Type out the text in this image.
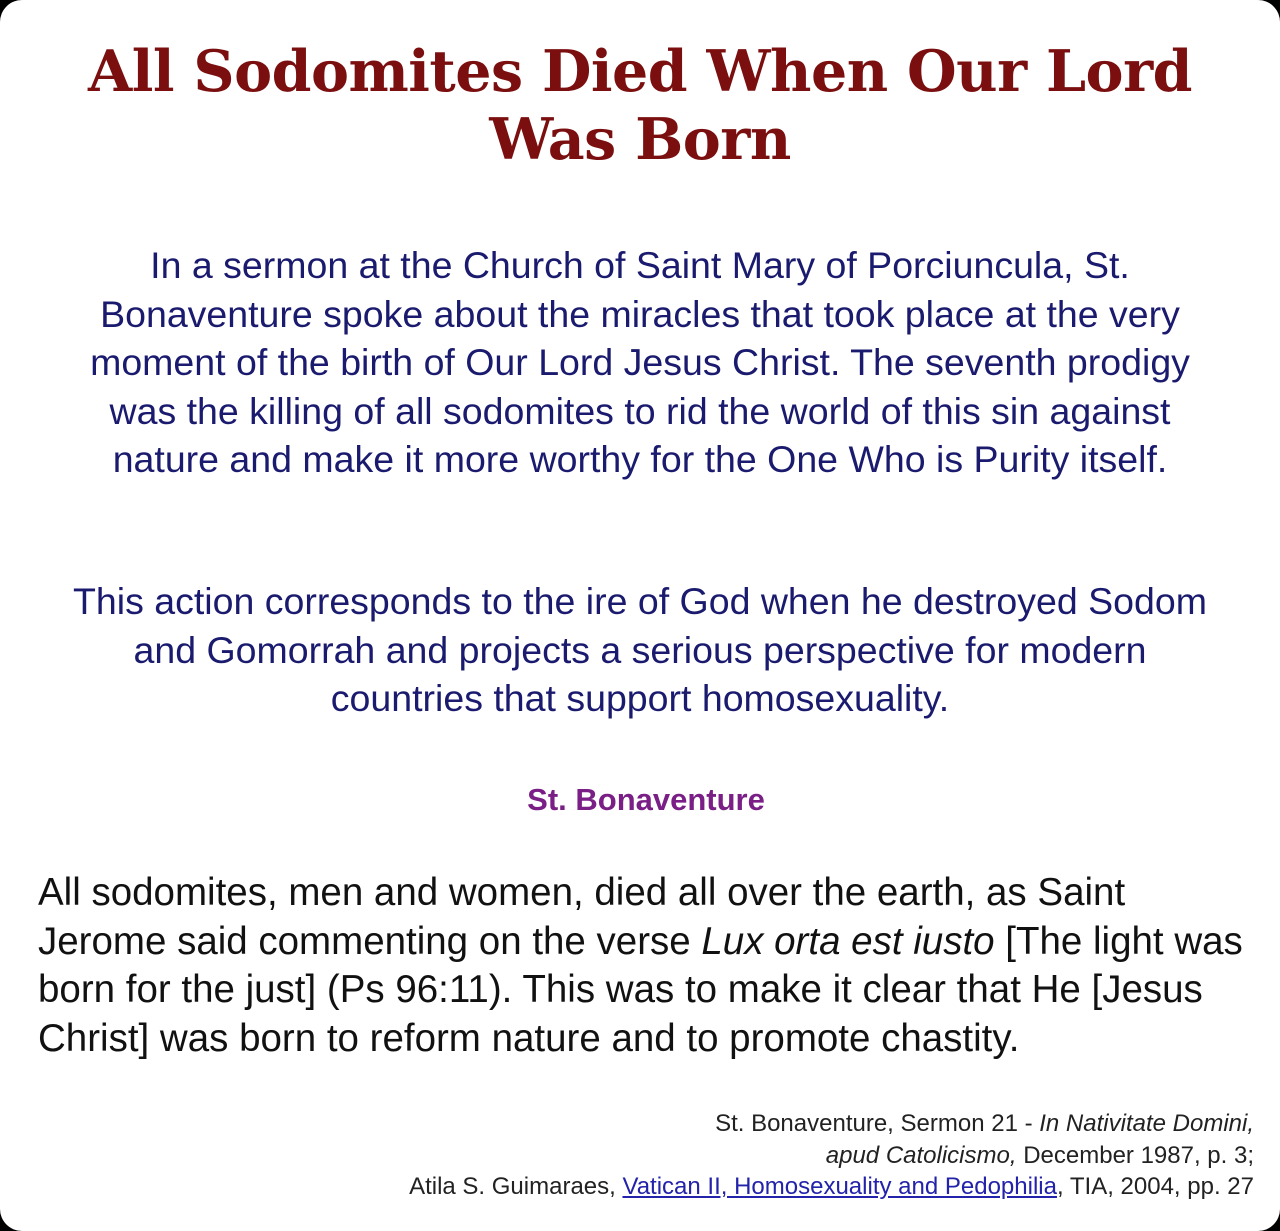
All Sodomites Died When Our Lord Was Born

In a sermon at the Church of Saint Mary of Porciuncula, St. Bonaventure spoke about the miracles that took place at the very moment of the birth of Our Lord Jesus Christ. The seventh prodigy was the killing of all sodomites to rid the world of this sin against nature and make it more worthy for the One Who is Purity itself.

This action corresponds to the ire of God when he destroyed Sodom and Gomorrah and projects a serious perspective for modern countries that support homosexuality.

St. Bonaventure

All sodomites, men and women, died all over the earth, as Saint Jerome said commenting on the verse Lux orta est iusto [The light was born for the just] (Ps 96:11). This was to make it clear that He [Jesus Christ] was born to reform nature and to promote chastity.

St. Bonaventure, Sermon 21 - In Nativitate Domini,
apud Catolicismo, December 1987, p. 3;
Atila S. Guimaraes, Vatican II, Homosexuality and Pedophilia, TIA, 2004, pp. 27
